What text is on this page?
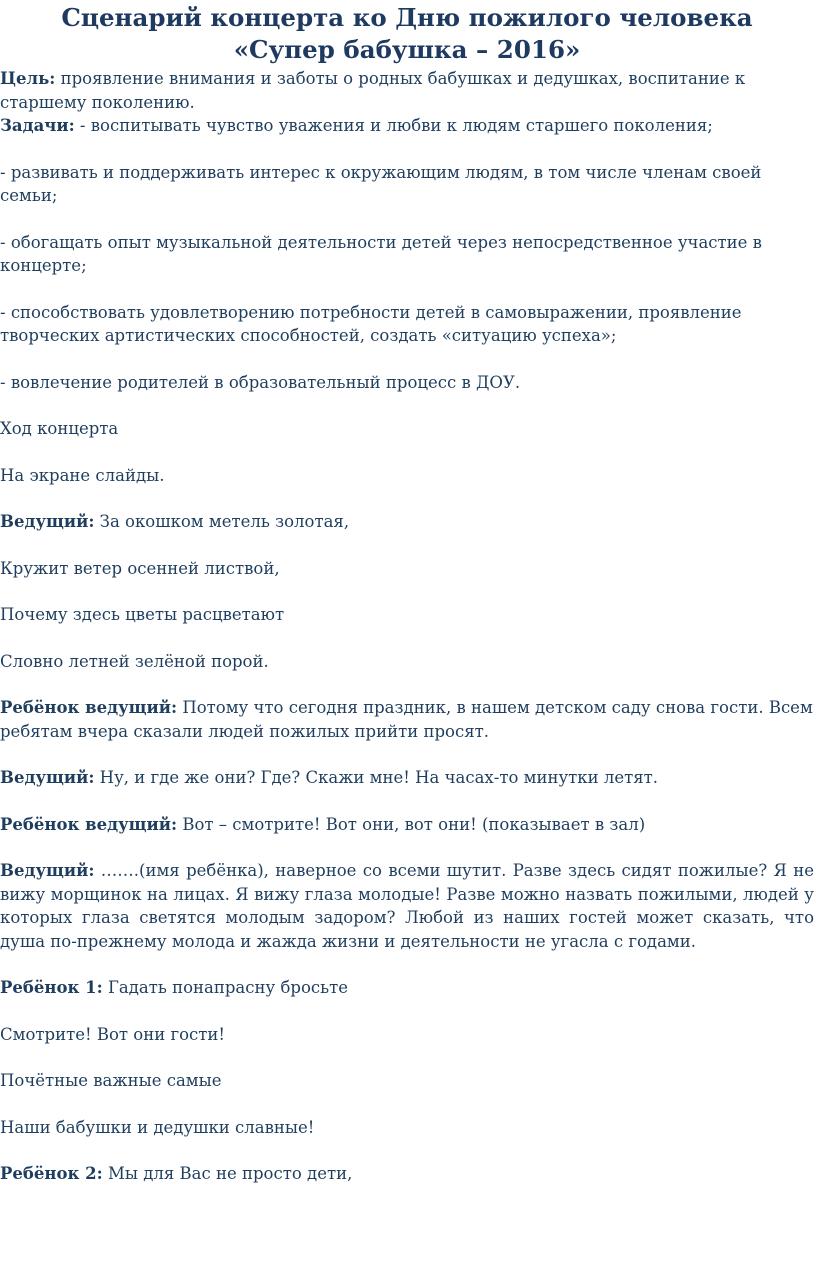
Сценарий концерта ко Дню пожилого человека
«Супер бабушка – 2016»

Цель: проявление внимания и заботы о родных бабушках и дедушках, воспитание к старшему поколению.

Задачи: - воспитывать чувство уважения и любви к людям старшего поколения;

- развивать и поддерживать интерес к окружающим людям, в том числе членам своей семьи;

- обогащать опыт музыкальной деятельности детей через непосредственное участие в концерте;

- способствовать удовлетворению потребности детей в самовыражении, проявление творческих артистических способностей, создать «ситуацию успеха»;

- вовлечение родителей в образовательный процесс в ДОУ.

Ход концерта

На экране слайды.

Ведущий: За окошком метель золотая,

Кружит ветер осенней листвой,

Почему здесь цветы расцветают

Словно летней зелёной порой.

Ребёнок ведущий: Потому что сегодня праздник, в нашем детском саду снова гости. Всем ребятам вчера сказали людей пожилых прийти просят.

Ведущий: Ну, и где же они? Где? Скажи мне! На часах-то минутки летят.

Ребёнок ведущий: Вот – смотрите! Вот они, вот они! (показывает в зал)

Ведущий: …….(имя ребёнка), наверное со всеми шутит. Разве здесь сидят пожилые? Я не вижу морщинок на лицах. Я вижу глаза молодые! Разве можно назвать пожилыми, людей у которых глаза светятся молодым задором? Любой из наших гостей может сказать, что душа по-прежнему молода и жажда жизни и деятельности не угасла с годами.

Ребёнок 1: Гадать понапрасну бросьте

Смотрите! Вот они гости!

Почётные важные самые

Наши бабушки и дедушки славные!

Ребёнок 2: Мы для Вас не просто дети,
